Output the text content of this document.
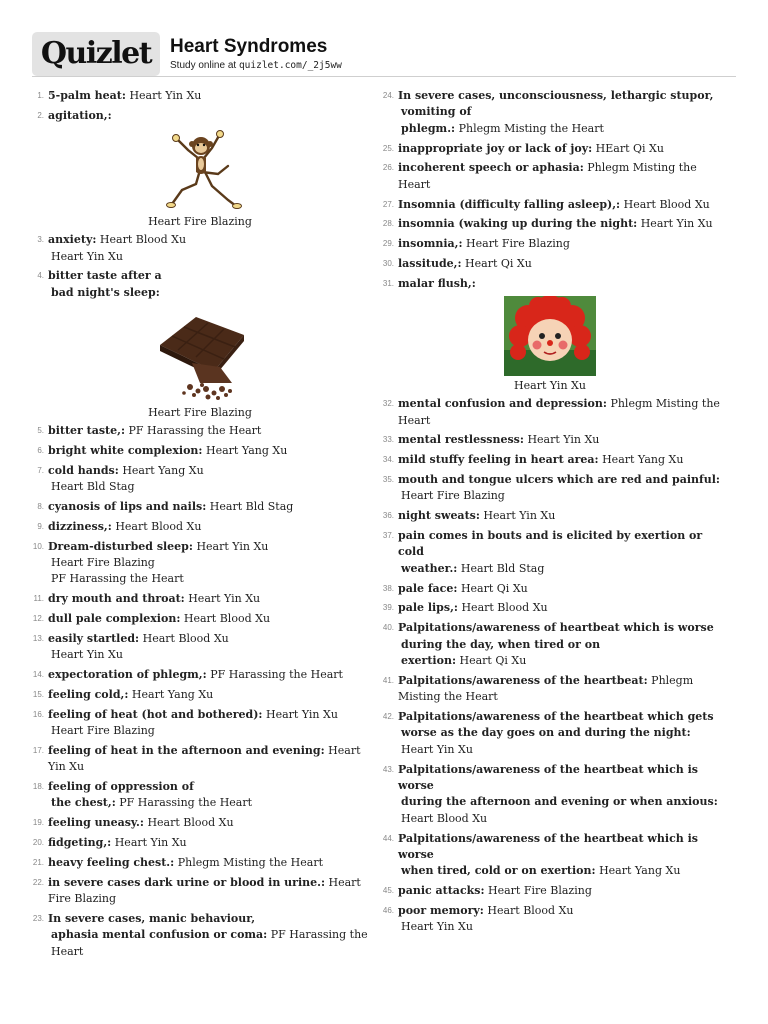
Quizlet Heart Syndromes
Study online at quizlet.com/_2j5ww
1. 5-palm heat: Heart Yin Xu
2. agitation,:
Heart Fire Blazing
3. anxiety: Heart Blood Xu
Heart Yin Xu
4. bitter taste after a
bad night's sleep:
Heart Fire Blazing
5. bitter taste,: PF Harassing the Heart
6. bright white complexion: Heart Yang Xu
7. cold hands: Heart Yang Xu
Heart Bld Stag
8. cyanosis of lips and nails: Heart Bld Stag
9. dizziness,: Heart Blood Xu
10. Dream-disturbed sleep: Heart Yin Xu
Heart Fire Blazing
PF Harassing the Heart
11. dry mouth and throat: Heart Yin Xu
12. dull pale complexion: Heart Blood Xu
13. easily startled: Heart Blood Xu
Heart Yin Xu
14. expectoration of phlegm,: PF Harassing the Heart
15. feeling cold,: Heart Yang Xu
16. feeling of heat (hot and bothered): Heart Yin Xu
Heart Fire Blazing
17. feeling of heat in the afternoon and evening: Heart Yin Xu
18. feeling of oppression of
the chest,: PF Harassing the Heart
19. feeling uneasy.: Heart Blood Xu
20. fidgeting,: Heart Yin Xu
21. heavy feeling chest.: Phlegm Misting the Heart
22. in severe cases dark urine or blood in urine.: Heart Fire Blazing
23. In severe cases, manic behaviour,
aphasia mental confusion or coma: PF Harassing the Heart
24. In severe cases, unconsciousness, lethargic stupor,
vomiting of
phlegm.: Phlegm Misting the Heart
25. inappropriate joy or lack of joy: HEart Qi Xu
26. incoherent speech or aphasia: Phlegm Misting the Heart
27. Insomnia (difficulty falling asleep),: Heart Blood Xu
28. insomnia (waking up during the night: Heart Yin Xu
29. insomnia,: Heart Fire Blazing
30. lassitude,: Heart Qi Xu
31. malar flush,:
Heart Yin Xu
32. mental confusion and depression: Phlegm Misting the Heart
33. mental restlessness: Heart Yin Xu
34. mild stuffy feeling in heart area: Heart Yang Xu
35. mouth and tongue ulcers which are red and painful:
Heart Fire Blazing
36. night sweats: Heart Yin Xu
37. pain comes in bouts and is elicited by exertion or cold
weather.: Heart Bld Stag
38. pale face: Heart Qi Xu
39. pale lips,: Heart Blood Xu
40. Palpitations/awareness of heartbeat which is worse
during the day, when tired or on
exertion: Heart Qi Xu
41. Palpitations/awareness of the heartbeat: Phlegm Misting the Heart
42. Palpitations/awareness of the heartbeat which gets
worse as the day goes on and during the night: Heart Yin Xu
43. Palpitations/awareness of the heartbeat which is worse
during the afternoon and evening or when anxious:
Heart Blood Xu
44. Palpitations/awareness of the heartbeat which is worse
when tired, cold or on exertion: Heart Yang Xu
45. panic attacks: Heart Fire Blazing
46. poor memory: Heart Blood Xu
Heart Yin Xu
